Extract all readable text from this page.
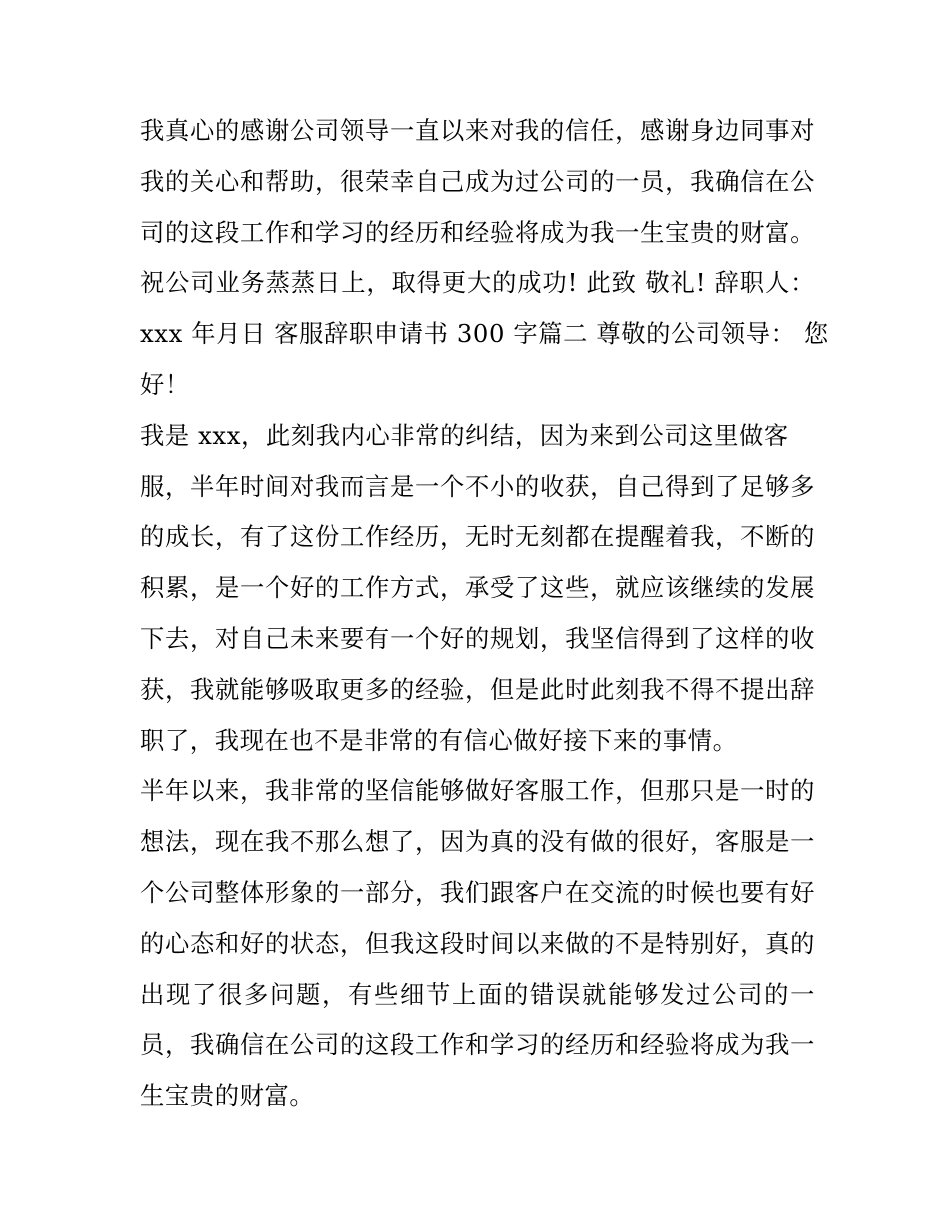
我真心的感谢公司领导一直以来对我的信任，感谢身边同事对
我的关心和帮助，很荣幸自己成为过公司的一员，我确信在公
司的这段工作和学习的经历和经验将成为我一生宝贵的财富。
祝公司业务蒸蒸日上，取得更大的成功! 此致 敬礼! 辞职人：
xxx 年月日 客服辞职申请书 300 字篇二 尊敬的公司领导： 您
好！
我是 xxx，此刻我内心非常的纠结，因为来到公司这里做客
服，半年时间对我而言是一个不小的收获，自己得到了足够多
的成长，有了这份工作经历，无时无刻都在提醒着我，不断的
积累，是一个好的工作方式，承受了这些，就应该继续的发展
下去，对自己未来要有一个好的规划，我坚信得到了这样的收
获，我就能够吸取更多的经验，但是此时此刻我不得不提出辞
职了，我现在也不是非常的有信心做好接下来的事情。
半年以来，我非常的坚信能够做好客服工作，但那只是一时的
想法，现在我不那么想了，因为真的没有做的很好，客服是一
个公司整体形象的一部分，我们跟客户在交流的时候也要有好
的心态和好的状态，但我这段时间以来做的不是特别好，真的
出现了很多问题，有些细节上面的错误就能够发过公司的一
员，我确信在公司的这段工作和学习的经历和经验将成为我一
生宝贵的财富。
